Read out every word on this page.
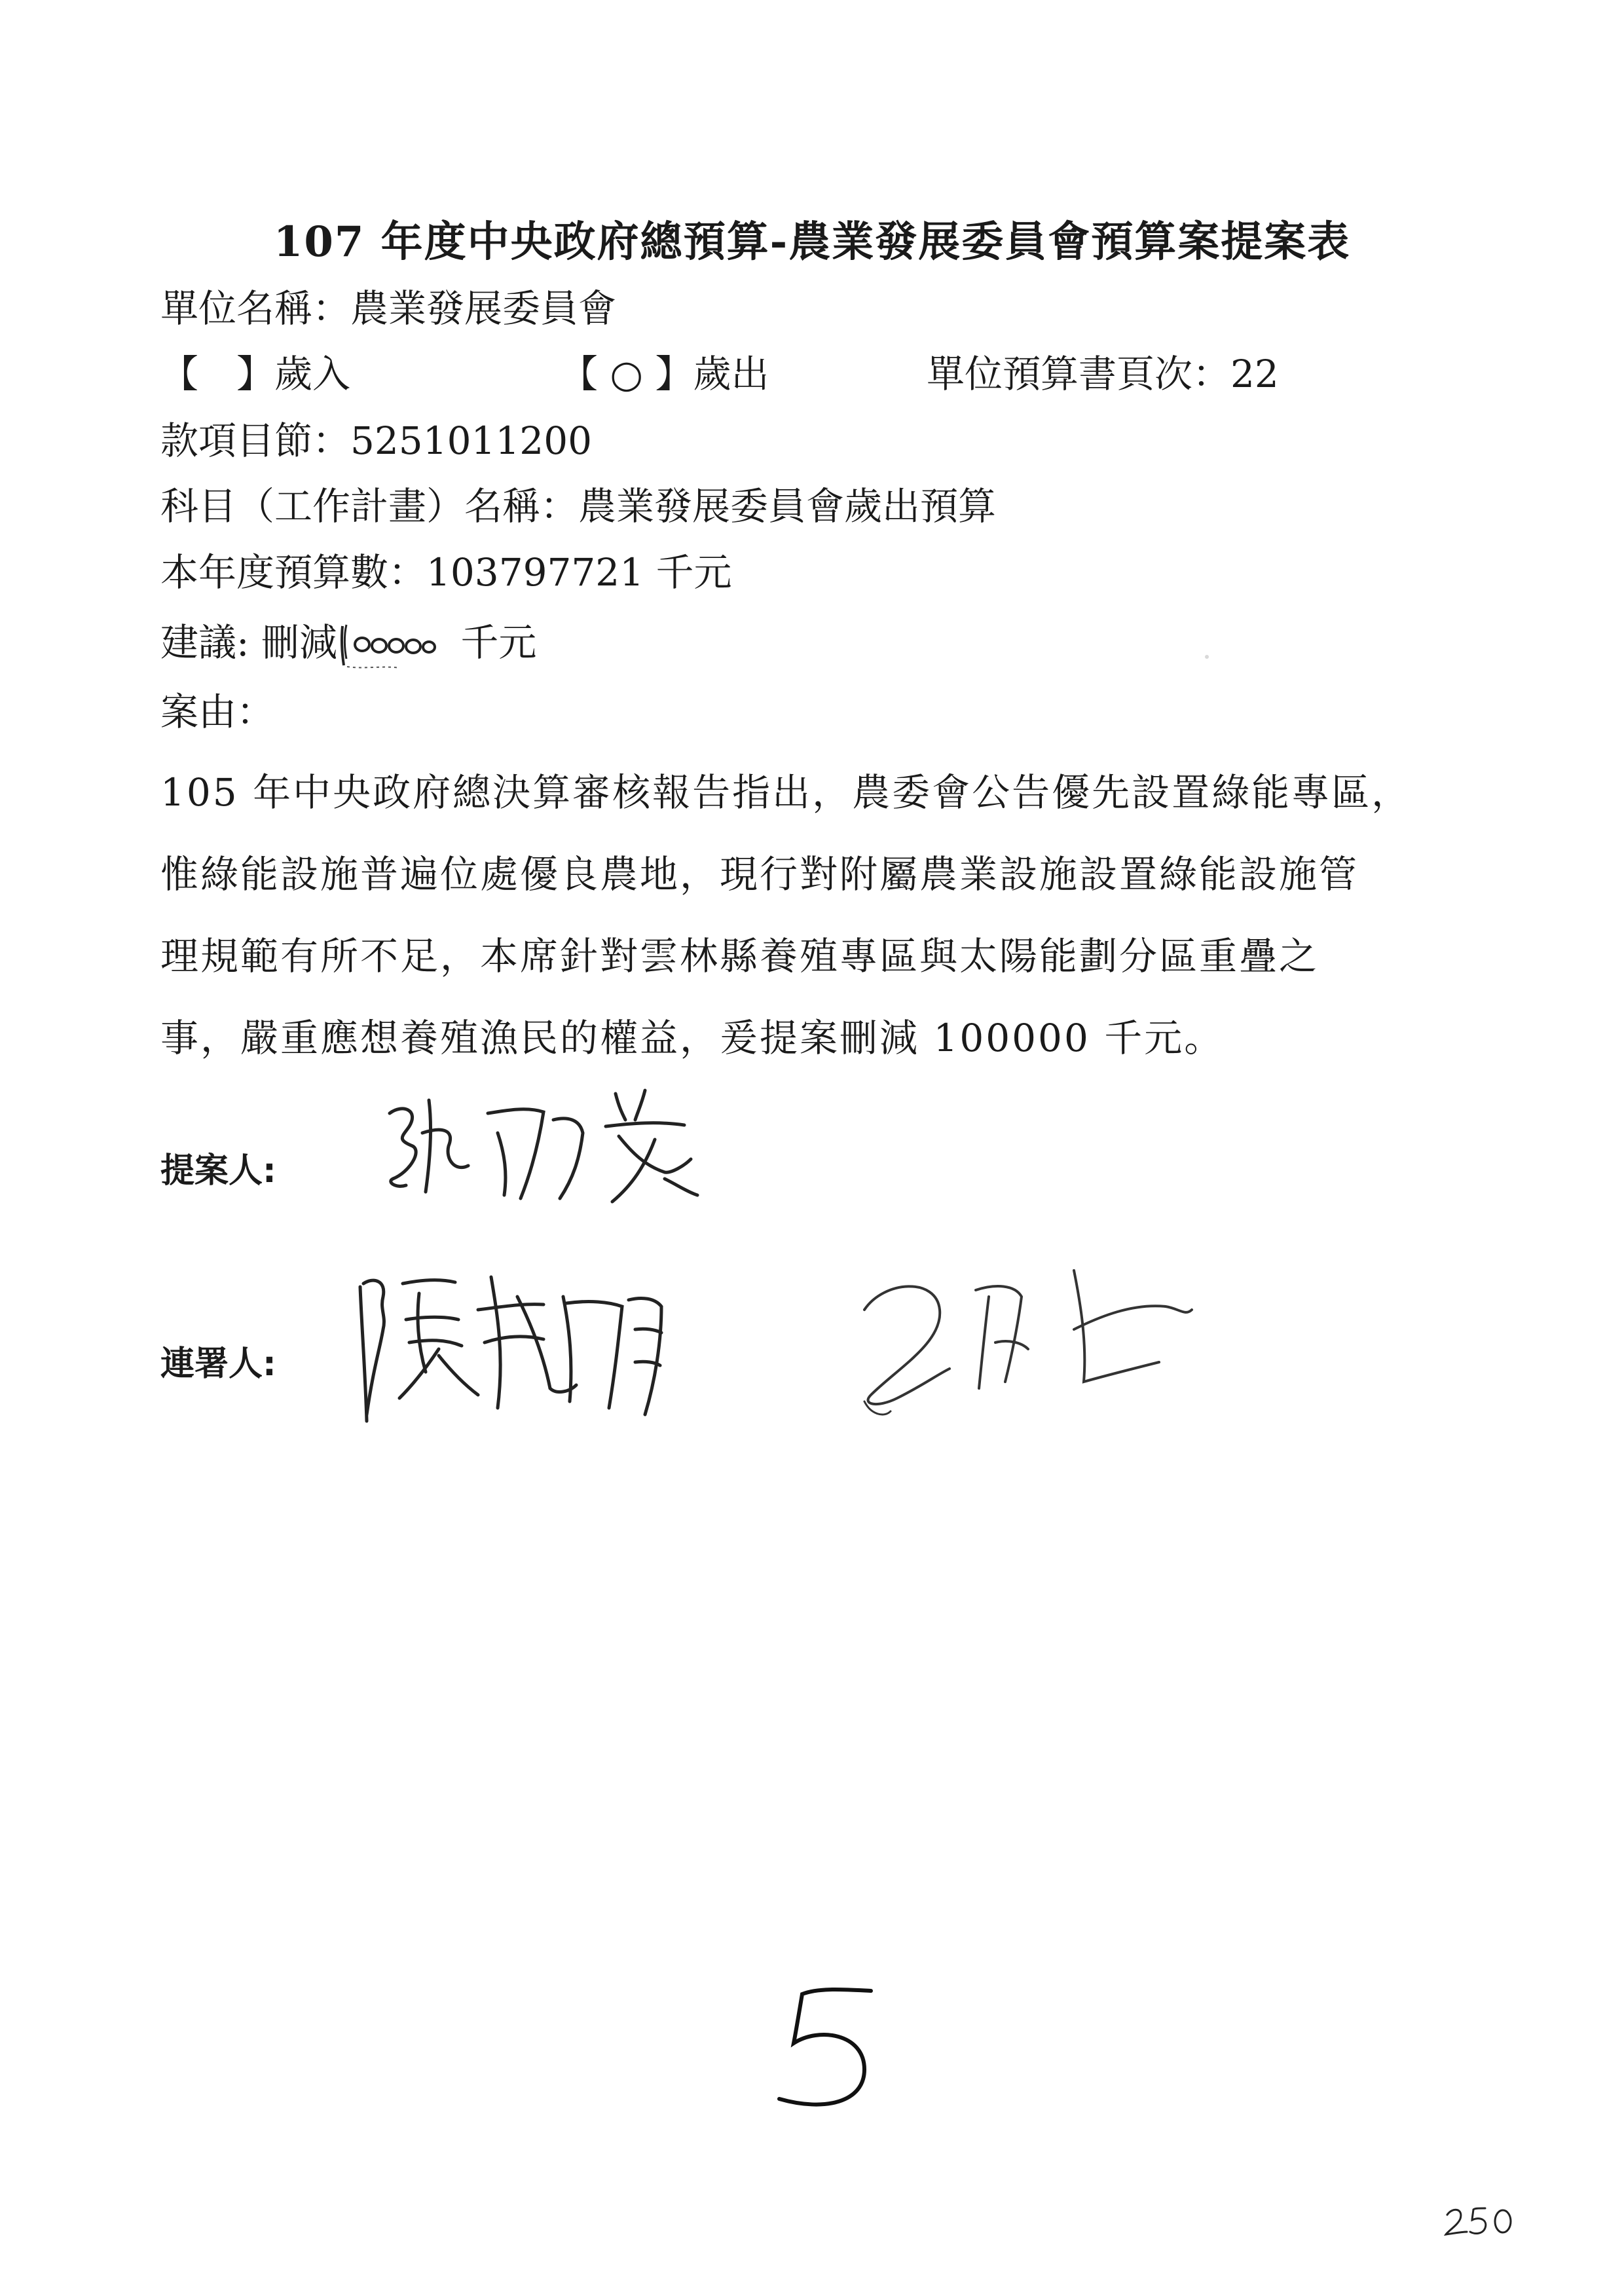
107 年度中央政府總預算-農業發展委員會預算案提案表
單位名稱：農業發展委員會
【　】歲入	【 ○ 】歲出	單位預算書頁次：22
款項目節：5251011200
科目（工作計畫）名稱：農業發展委員會歲出預算
本年度預算數：103797721 千元
建議: 刪減	千元
案由：

105 年中央政府總決算審核報告指出，農委會公告優先設置綠能專區，

惟綠能設施普遍位處優良農地，現行對附屬農業設施設置綠能設施管

理規範有所不足，本席針對雲林縣養殖專區與太陽能劃分區重疊之

事，嚴重應想養殖漁民的權益，爰提案刪減 100000 千元。

提案人:
連署人:
